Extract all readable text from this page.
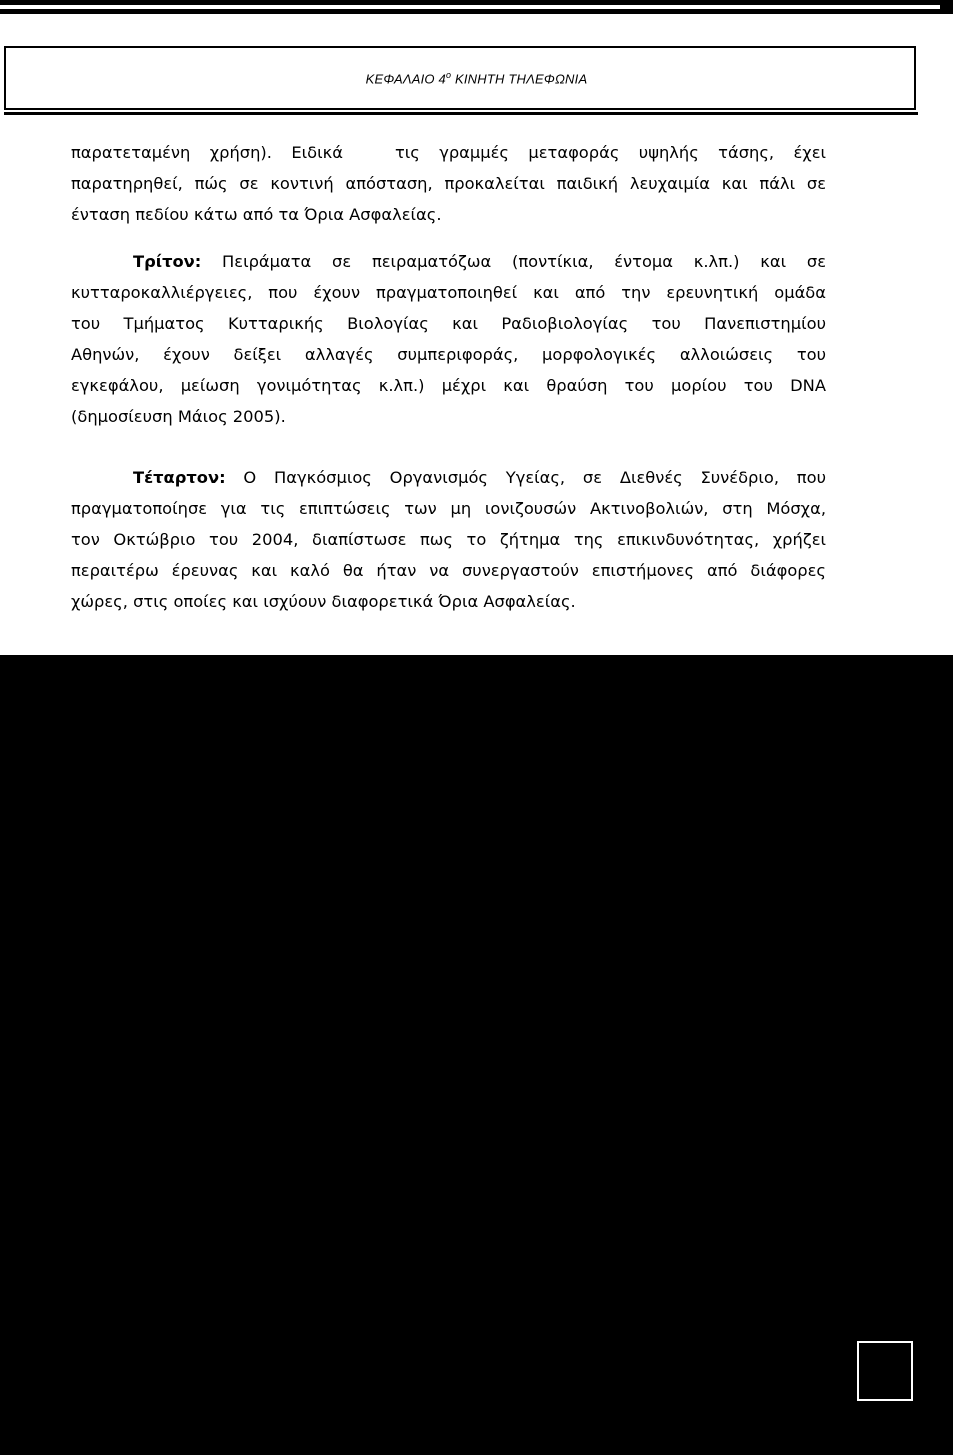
ΚΕΦΑΛΑΙΟ $4^o$ ΚΙΝΗΤΗ ΤΗΛΕΦΩΝΙΑ
παρατεταμένη χρήση). Ειδικά	τις γραμμές μεταφοράς υψηλής τάσης, έχει
παρατηρηθεί, πώς σε κοντινή απόσταση, προκαλείται παιδική λευχαιμία και πάλι σε
ένταση πεδίου κάτω από τα Όρια Ασφαλείας.
Τρίτον: Πειράματα σε πειραματόζωα (ποντίκια, έντομα κ.λπ.) και σε
κυτταροκαλλιέργειες, που έχουν πραγματοποιηθεί και από την ερευνητική ομάδα
του Τμήματος Κυτταρικής Βιολογίας και Ραδιοβιολογίας του Πανεπιστημίου
Αθηνών, έχουν δείξει αλλαγές συμπεριφοράς, μορφολογικές αλλοιώσεις του
εγκεφάλου, μείωση γονιμότητας κ.λπ.) μέχρι και θραύση του μορίου του DNA
(δημοσίευση Μάιος 2005).
Τέταρτον: Ο Παγκόσμιος Οργανισμός Υγείας, σε Διεθνές Συνέδριο, που
πραγματοποίησε για τις επιπτώσεις των μη ιονιζουσών Ακτινοβολιών, στη Μόσχα,
τον Οκτώβριο του 2004, διαπίστωσε πως το ζήτημα της επικινδυνότητας, χρήζει
περαιτέρω έρευνας και καλό θα ήταν να συνεργαστούν επιστήμονες από διάφορες
χώρες, στις οποίες και ισχύουν διαφορετικά Όρια Ασφαλείας.
